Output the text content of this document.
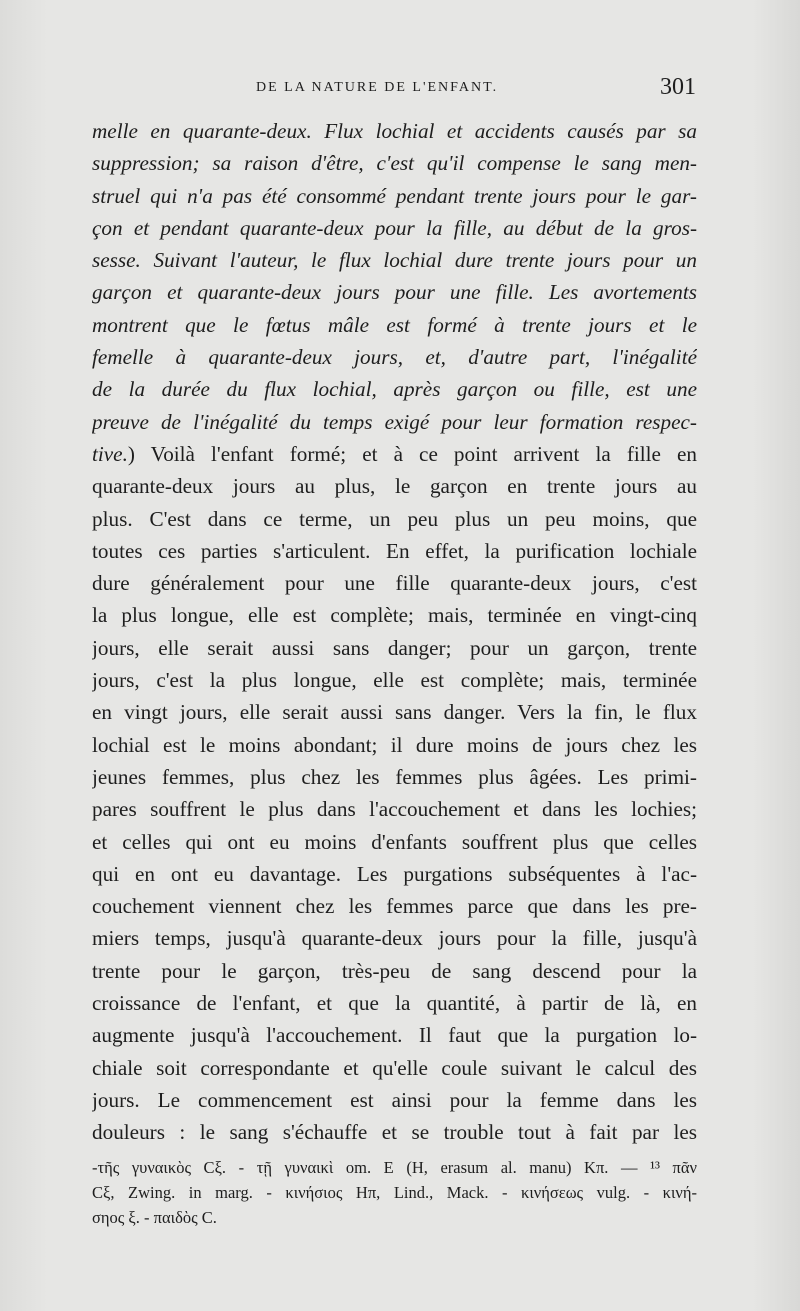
DE LA NATURE DE L'ENFANT.	301
melle en quarante-deux. Flux lochial et accidents causés par sa
suppression; sa raison d'être, c'est qu'il compense le sang men-
struel qui n'a pas été consommé pendant trente jours pour le gar-
çon et pendant quarante-deux pour la fille, au début de la gros-
sesse. Suivant l'auteur, le flux lochial dure trente jours pour un
garçon et quarante-deux jours pour une fille. Les avortements
montrent que le fœtus mâle est formé à trente jours et le
femelle à quarante-deux jours, et, d'autre part, l'inégalité
de la durée du flux lochial, après garçon ou fille, est une
preuve de l'inégalité du temps exigé pour leur formation respec-
tive.) Voilà l'enfant formé; et à ce point arrivent la fille en
quarante-deux jours au plus, le garçon en trente jours au
plus. C'est dans ce terme, un peu plus un peu moins, que
toutes ces parties s'articulent. En effet, la purification lochiale
dure généralement pour une fille quarante-deux jours, c'est
la plus longue, elle est complète; mais, terminée en vingt-cinq
jours, elle serait aussi sans danger; pour un garçon, trente
jours, c'est la plus longue, elle est complète; mais, terminée
en vingt jours, elle serait aussi sans danger. Vers la fin, le flux
lochial est le moins abondant; il dure moins de jours chez les
jeunes femmes, plus chez les femmes plus âgées. Les primi-
pares souffrent le plus dans l'accouchement et dans les lochies;
et celles qui ont eu moins d'enfants souffrent plus que celles
qui en ont eu davantage. Les purgations subséquentes à l'ac-
couchement viennent chez les femmes parce que dans les pre-
miers temps, jusqu'à quarante-deux jours pour la fille, jusqu'à
trente pour le garçon, très-peu de sang descend pour la
croissance de l'enfant, et que la quantité, à partir de là, en
augmente jusqu'à l'accouchement. Il faut que la purgation lo-
chiale soit correspondante et qu'elle coule suivant le calcul des
jours. Le commencement est ainsi pour la femme dans les
douleurs : le sang s'échauffe et se trouble tout à fait par les
-τῆς γυναικὸς Cξ. - τῇ γυναικὶ om. E (H, erasum al. manu) Kπ. — ¹³ πᾶν
Cξ, Zwing. in marg. - κινήσιος Ηπ, Lind., Mack. - κινήσεως vulg. - κινή-
σηος ξ. - παιδὸς C.
